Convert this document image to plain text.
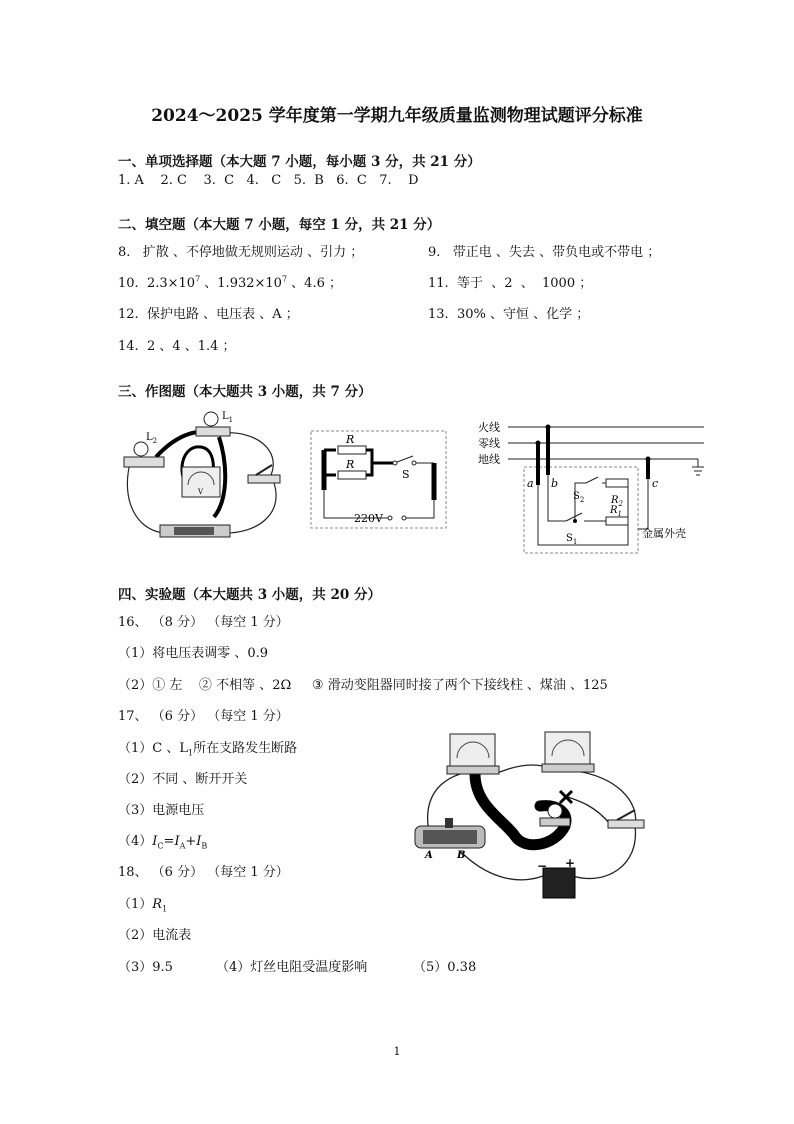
2024～2025 学年度第一学期九年级质量监测物理试题评分标准
一、单项选择题（本大题 7 小题，每小题 3 分，共 21 分）
1. A    2. C    3.  C   4.   C   5.  B   6.  C   7.    D
二、填空题（本大题 7 小题，每空 1 分，共 21 分）
8.   扩散 、不停地做无规则运动 、引力 ；	9.   带正电 、失去 、带负电或不带电 ；
10.  $2.3\times 10^7$ 、$1.932\times 10^7$ 、4.6 ；	11.  等于  、2  、  1000 ；
12.  保护电路 、电压表 、A ；	13.  30% 、守恒 、化学 ；
14.  2 、4 、1.4 ；
三、作图题（本大题共 3 小题，共 7 分）
$L_2$
$L_1$
V
R
R
S
220V
火线
零线
地线
a b	c
$S_2$	$R_2$
$S_1$
$R_1$
金属外壳
四、实验题（本大题共 3 小题，共 20 分）
16、 （8 分） （每空 1 分）
（1）将电压表调零 、0.9
（2）① 左    ② 不相等 、2Ω     ③ 滑动变阻器同时接了两个下接线柱 、煤油 、125
17、 （6 分） （每空 1 分）
（1）C 、$L_1$所在支路发生断路
（2）不同 、断开开关
（3）电源电压
$(4)I_C=I_A+I_B$
18、 （6 分） （每空 1 分）
$(1)R_1$
（2）电流表
（3）9.5	（4）灯丝电阻受温度影响	（5）0.38
A B
− +
1
